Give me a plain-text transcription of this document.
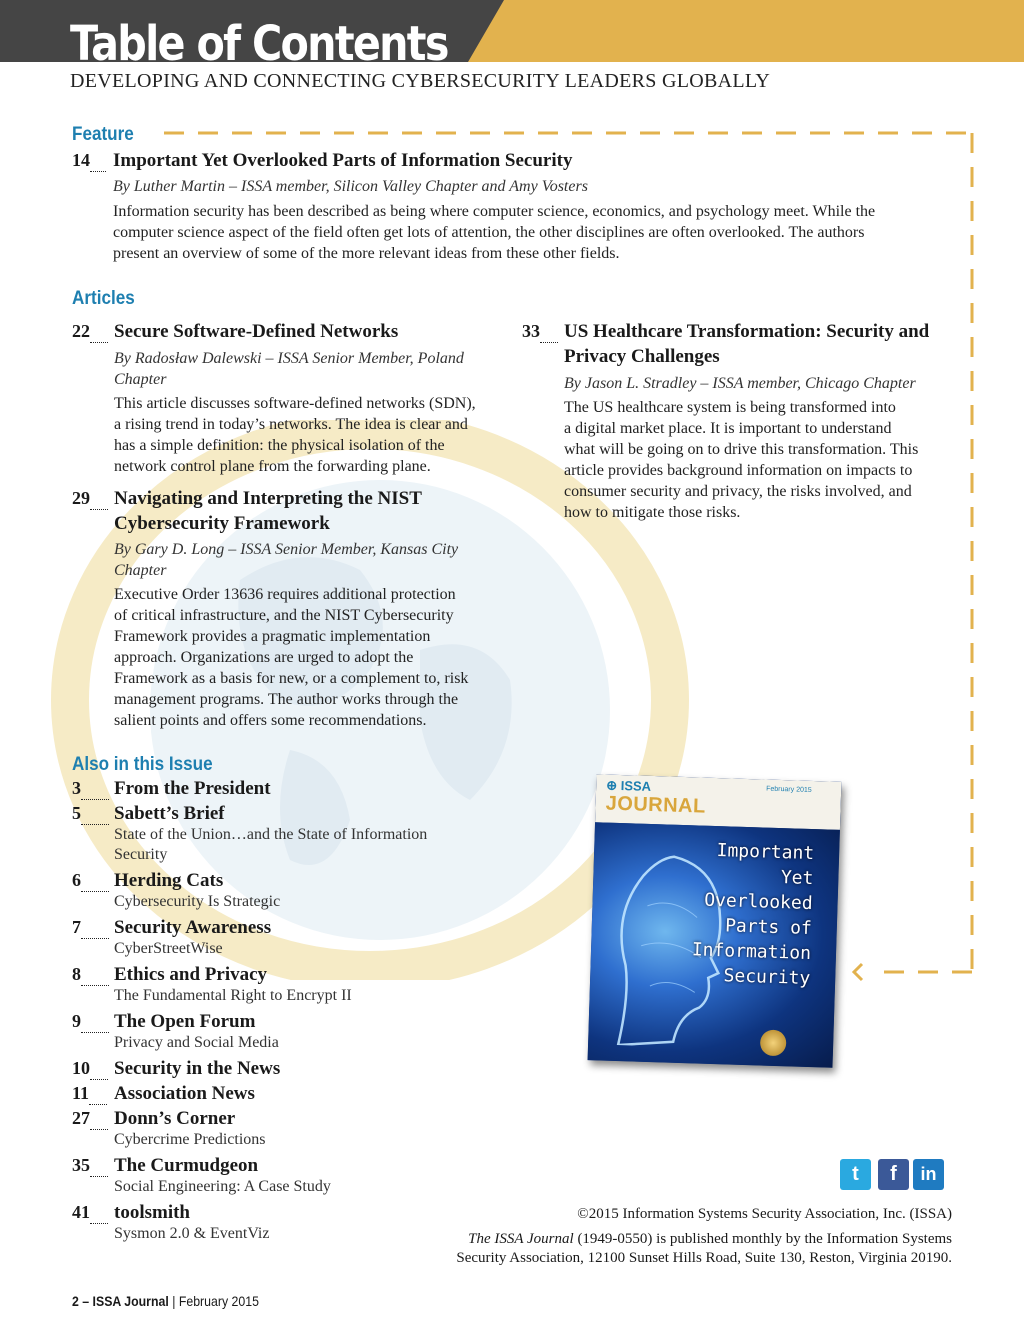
Table of Contents
DEVELOPING AND CONNECTING CYBERSECURITY LEADERS GLOBALLY
Feature
14	Important Yet Overlooked Parts of Information Security
By Luther Martin – ISSA member, Silicon Valley Chapter and Amy Vosters
Information security has been described as being where computer science, economics, and psychology meet. While the
computer science aspect of the field often get lots of attention, the other disciplines are often overlooked. The authors
present an overview of some of the more relevant ideas from these other fields.
Articles
22	Secure Software-Defined Networks
By Radosław Dalewski – ISSA Senior Member, Poland
Chapter
This article discusses software-defined networks (SDN),
a rising trend in today’s networks. The idea is clear and
has a simple definition: the physical isolation of the
network control plane from the forwarding plane.
29	Navigating and Interpreting the NIST
Cybersecurity Framework
By Gary D. Long – ISSA Senior Member, Kansas City
Chapter
Executive Order 13636 requires additional protection
of critical infrastructure, and the NIST Cybersecurity
Framework provides a pragmatic implementation
approach. Organizations are urged to adopt the
Framework as a basis for new, or a complement to, risk
management programs. The author works through the
salient points and offers some recommendations.
33	US Healthcare Transformation: Security and
Privacy Challenges
By Jason L. Stradley – ISSA member, Chicago Chapter
The US healthcare system is being transformed into
a digital market place. It is important to understand
what will be going on to drive this transformation. This
article provides background information on impacts to
consumer security and privacy, the risks involved, and
how to mitigate those risks.
Also in this Issue
3	From the President
5	Sabett’s Brief
State of the Union…and the State of Information
Security
6	Herding Cats
Cybersecurity Is Strategic
7	Security Awareness
CyberStreetWise
8	Ethics and Privacy
The Fundamental Right to Encrypt II
9	The Open Forum
Privacy and Social Media
10	Security in the News
11	Association News
27	Donn’s Corner
Cybercrime Predictions
35	The Curmudgeon
Social Engineering: A Case Study
41	toolsmith
Sysmon 2.0 & EventViz
⊕ ISSA
JOURNAL
February 2015
Important
Yet Overlooked
Parts of
Information
Security
t	f	in
©2015 Information Systems Security Association, Inc. (ISSA)
The ISSA Journal (1949-0550) is published monthly by the Information Systems
Security Association, 12100 Sunset Hills Road, Suite 130, Reston, Virginia 20190.
2 – ISSA Journal | February 2015
